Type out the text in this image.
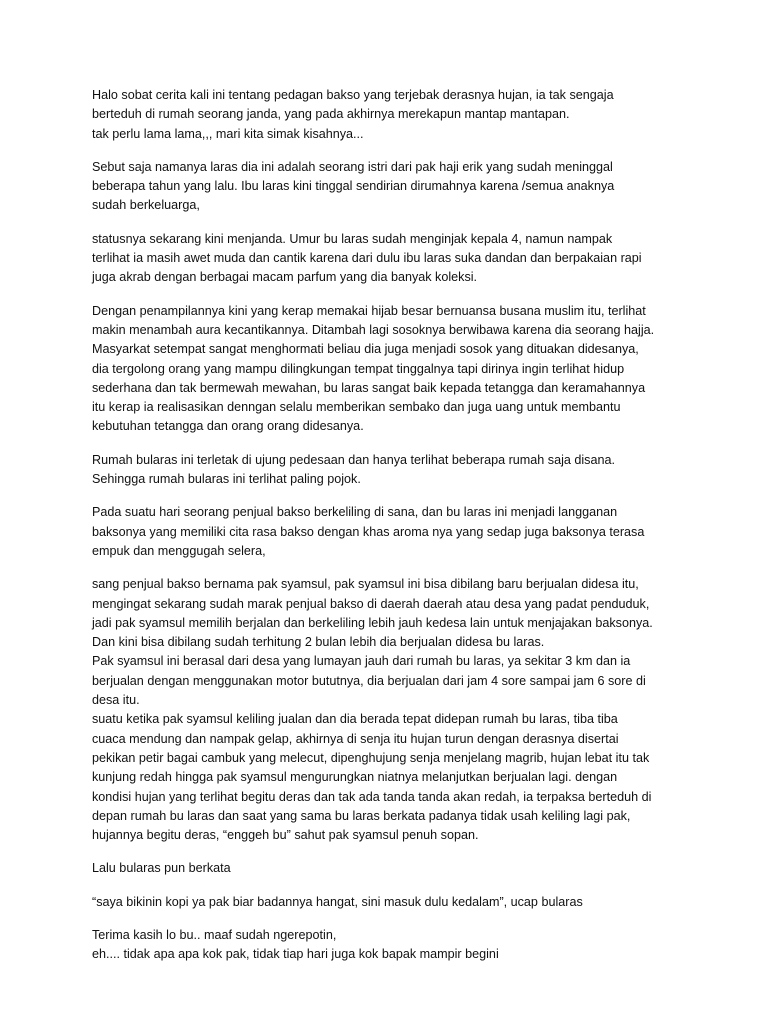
Halo sobat cerita kali ini tentang pedagan bakso yang terjebak derasnya hujan, ia tak sengaja
berteduh di rumah seorang janda, yang pada akhirnya merekapun mantap mantapan.
tak perlu lama lama,,, mari kita simak kisahnya...
Sebut saja namanya laras dia ini adalah seorang istri dari pak haji erik yang sudah meninggal
beberapa tahun yang lalu. Ibu laras kini tinggal sendirian dirumahnya karena /semua anaknya
sudah berkeluarga,
statusnya sekarang kini menjanda. Umur bu laras sudah menginjak kepala 4, namun nampak
terlihat ia masih awet muda dan cantik karena dari dulu ibu laras suka dandan dan berpakaian rapi
juga akrab dengan berbagai macam parfum yang dia banyak koleksi.
Dengan penampilannya kini yang kerap memakai hijab besar bernuansa busana muslim itu, terlihat
makin menambah aura kecantikannya. Ditambah lagi sosoknya berwibawa karena dia seorang hajja.
Masyarkat setempat sangat menghormati beliau dia juga menjadi sosok yang dituakan didesanya,
dia tergolong orang yang mampu dilingkungan tempat tinggalnya tapi dirinya ingin terlihat hidup
sederhana dan tak bermewah mewahan, bu laras sangat baik kepada tetangga dan keramahannya
itu kerap ia realisasikan denngan selalu memberikan sembako dan juga uang untuk membantu
kebutuhan tetangga dan orang orang didesanya.
Rumah bularas ini terletak di ujung pedesaan dan hanya terlihat beberapa rumah saja disana.
Sehingga rumah bularas ini terlihat paling pojok.
Pada suatu hari seorang penjual bakso berkeliling di sana, dan bu laras ini menjadi langganan
baksonya yang memiliki cita rasa bakso dengan khas aroma nya yang sedap juga baksonya terasa
empuk dan menggugah selera,
sang penjual bakso bernama pak syamsul, pak syamsul ini bisa dibilang baru berjualan didesa itu,
mengingat sekarang sudah marak penjual bakso di daerah daerah atau desa yang padat penduduk,
jadi pak syamsul memilih berjalan dan berkeliling lebih jauh kedesa lain untuk menjajakan baksonya.
Dan kini bisa dibilang sudah terhitung 2 bulan lebih dia berjualan didesa bu laras.
Pak syamsul ini berasal dari desa yang lumayan jauh dari rumah bu laras, ya sekitar 3 km dan ia
berjualan dengan menggunakan motor bututnya, dia berjualan dari jam 4 sore sampai jam 6 sore di
desa itu.
suatu ketika pak syamsul keliling jualan dan dia berada tepat didepan rumah bu laras, tiba tiba
cuaca mendung dan nampak gelap, akhirnya di senja itu hujan turun dengan derasnya disertai
pekikan petir bagai cambuk yang melecut, dipenghujung senja menjelang magrib, hujan lebat itu tak
kunjung redah hingga pak syamsul mengurungkan niatnya melanjutkan berjualan lagi. dengan
kondisi hujan yang terlihat begitu deras dan tak ada tanda tanda akan redah, ia terpaksa berteduh di
depan rumah bu laras dan saat yang sama bu laras berkata padanya tidak usah keliling lagi pak,
hujannya begitu deras, “enggeh bu” sahut pak syamsul penuh sopan.
Lalu bularas pun berkata
“saya bikinin kopi ya pak biar badannya hangat, sini masuk dulu kedalam”, ucap bularas
Terima kasih lo bu.. maaf sudah ngerepotin,
eh.... tidak apa apa kok pak, tidak tiap hari juga kok bapak mampir begini
